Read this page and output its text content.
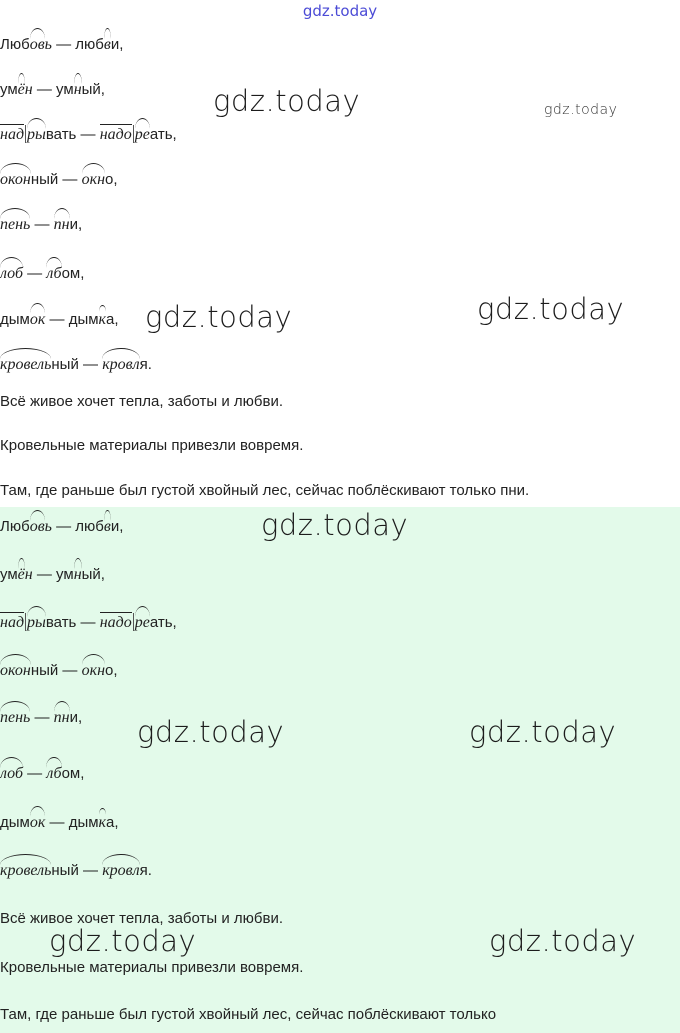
gdz.today
Любовь — любви,
умён — умный,
над рывать — надо реать,
оконный — окно,
пень — пни,
лоб — лбом,
дымок — дымка,
кровельный — кровля.
Всё живое хочет тепла, заботы и любви.
Кровельные материалы привезли вовремя.
Там, где раньше был густой хвойный лес, сейчас поблёскивают только пни.
gdz.today	gdz.today
gdz.today	gdz.today
Любовь — любви,
умён — умный,
над рывать — надо реать,
оконный — окно,
пень — пни,
лоб — лбом,
дымок — дымка,
кровельный — кровля.
Всё живое хочет тепла, заботы и любви.
Кровельные материалы привезли вовремя.
Там, где раньше был густой хвойный лес, сейчас поблёскивают только
gdz.today
gdz.today	gdz.today
gdz.today	gdz.today
